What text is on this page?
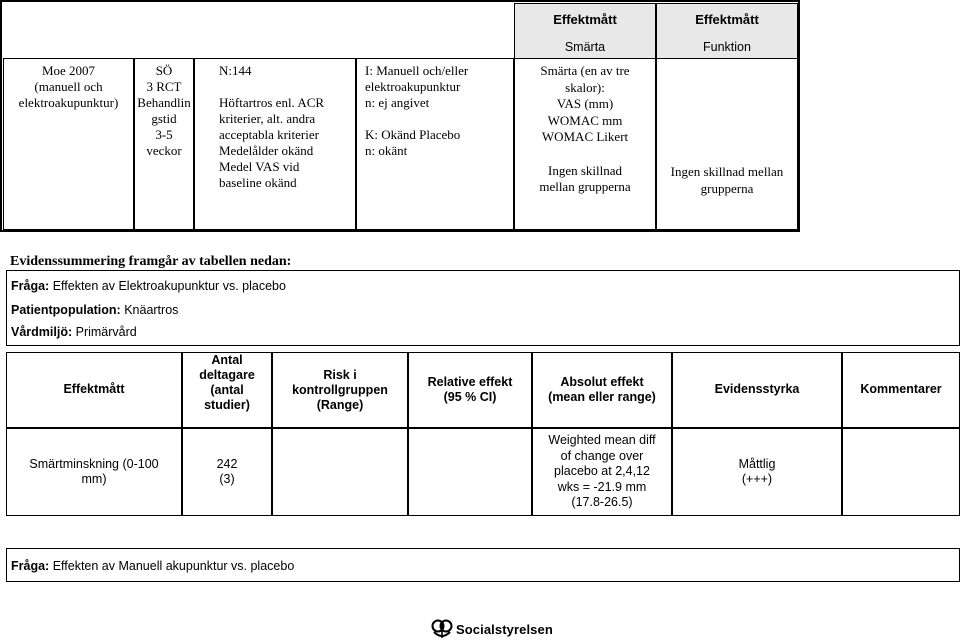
Effektmått
Smärta
Effektmått
Funktion
Moe 2007
(manuell och
elektroakupunktur)
SÖ
3 RCT
Behandlin
gstid
3-5
veckor
N:144

Höftartros enl. ACR
kriterier, alt. andra
acceptabla kriterier
Medelålder okänd
Medel VAS vid
baseline okänd
I: Manuell och/eller
elektroakupunktur
n: ej angivet

K: Okänd Placebo
n: okänt
Smärta (en av tre
skalor):
VAS (mm)
WOMAC mm
WOMAC Likert

Ingen skillnad
mellan grupperna
Ingen skillnad mellan
grupperna
Evidenssummering framgår av tabellen nedan:
Fråga: Effekten av Elektroakupunktur vs. placebo
Patientpopulation: Knäartros
Vårdmiljö: Primärvård
Effektmått
Antal
deltagare
(antal
studier)
Risk i
kontrollgruppen
(Range)
Relative effekt
(95 % CI)
Absolut effekt
(mean eller range)
Evidensstyrka	Kommentarer
Smärtminskning (0-100
mm)
242
(3)
Weighted mean diff
of change over
placebo at 2,4,12
wks = -21.9 mm
(17.8-26.5)
Måttlig
(+++)
Fråga: Effekten av Manuell akupunktur vs. placebo
Socialstyrelsen
